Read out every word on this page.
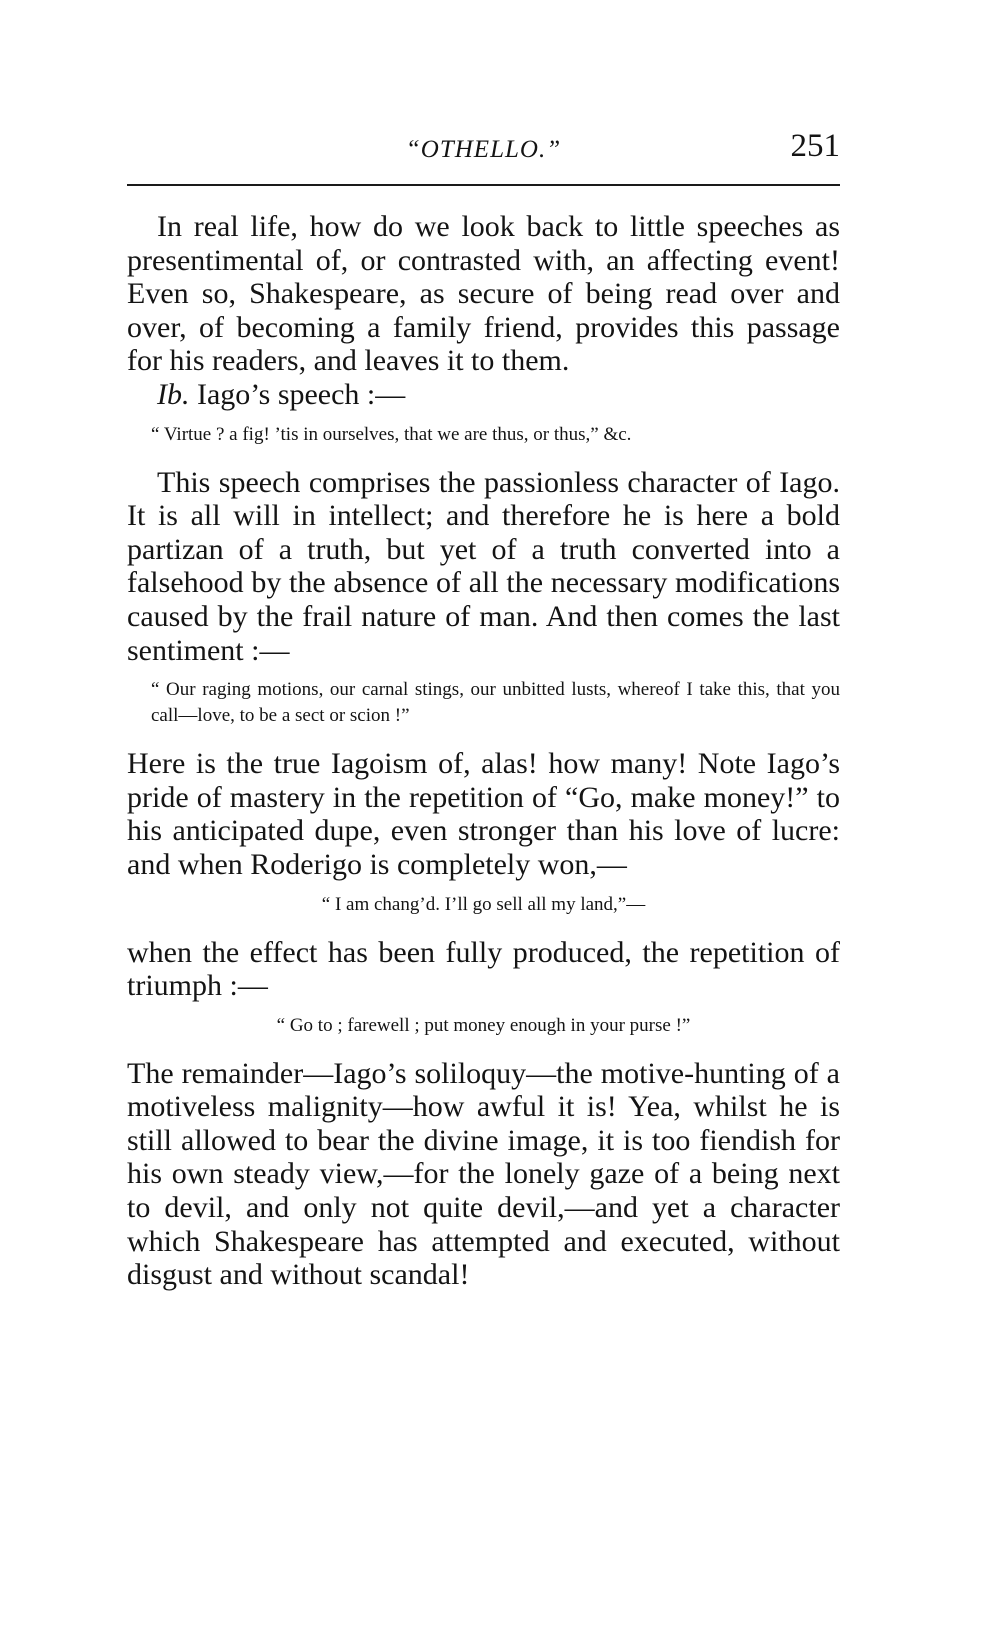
“OTHELLO.”	251

In real life, how do we look back to little speeches as presentimental of, or contrasted with, an affecting event! Even so, Shakespeare, as secure of being read over and over, of becoming a family friend, provides this passage for his readers, and leaves it to them.

Ib. Iago’s speech :—

“ Virtue ? a fig! ’tis in ourselves, that we are thus, or thus,” &c.

This speech comprises the passionless character of Iago. It is all will in intellect; and therefore he is here a bold partizan of a truth, but yet of a truth converted into a falsehood by the absence of all the necessary modifications caused by the frail nature of man. And then comes the last sentiment :—

“ Our raging motions, our carnal stings, our unbitted lusts, whereof I take this, that you call—love, to be a sect or scion !”

Here is the true Iagoism of, alas! how many! Note Iago’s pride of mastery in the repetition of “Go, make money!” to his anticipated dupe, even stronger than his love of lucre: and when Roderigo is completely won,—

“ I am chang’d. I’ll go sell all my land,”—

when the effect has been fully produced, the repetition of triumph :—

“ Go to ; farewell ; put money enough in your purse !”

The remainder—Iago’s soliloquy—the motive-hunting of a motiveless malignity—how awful it is! Yea, whilst he is still allowed to bear the divine image, it is too fiendish for his own steady view,—for the lonely gaze of a being next to devil, and only not quite devil,—and yet a character which Shakespeare has attempted and executed, without disgust and without scandal!
